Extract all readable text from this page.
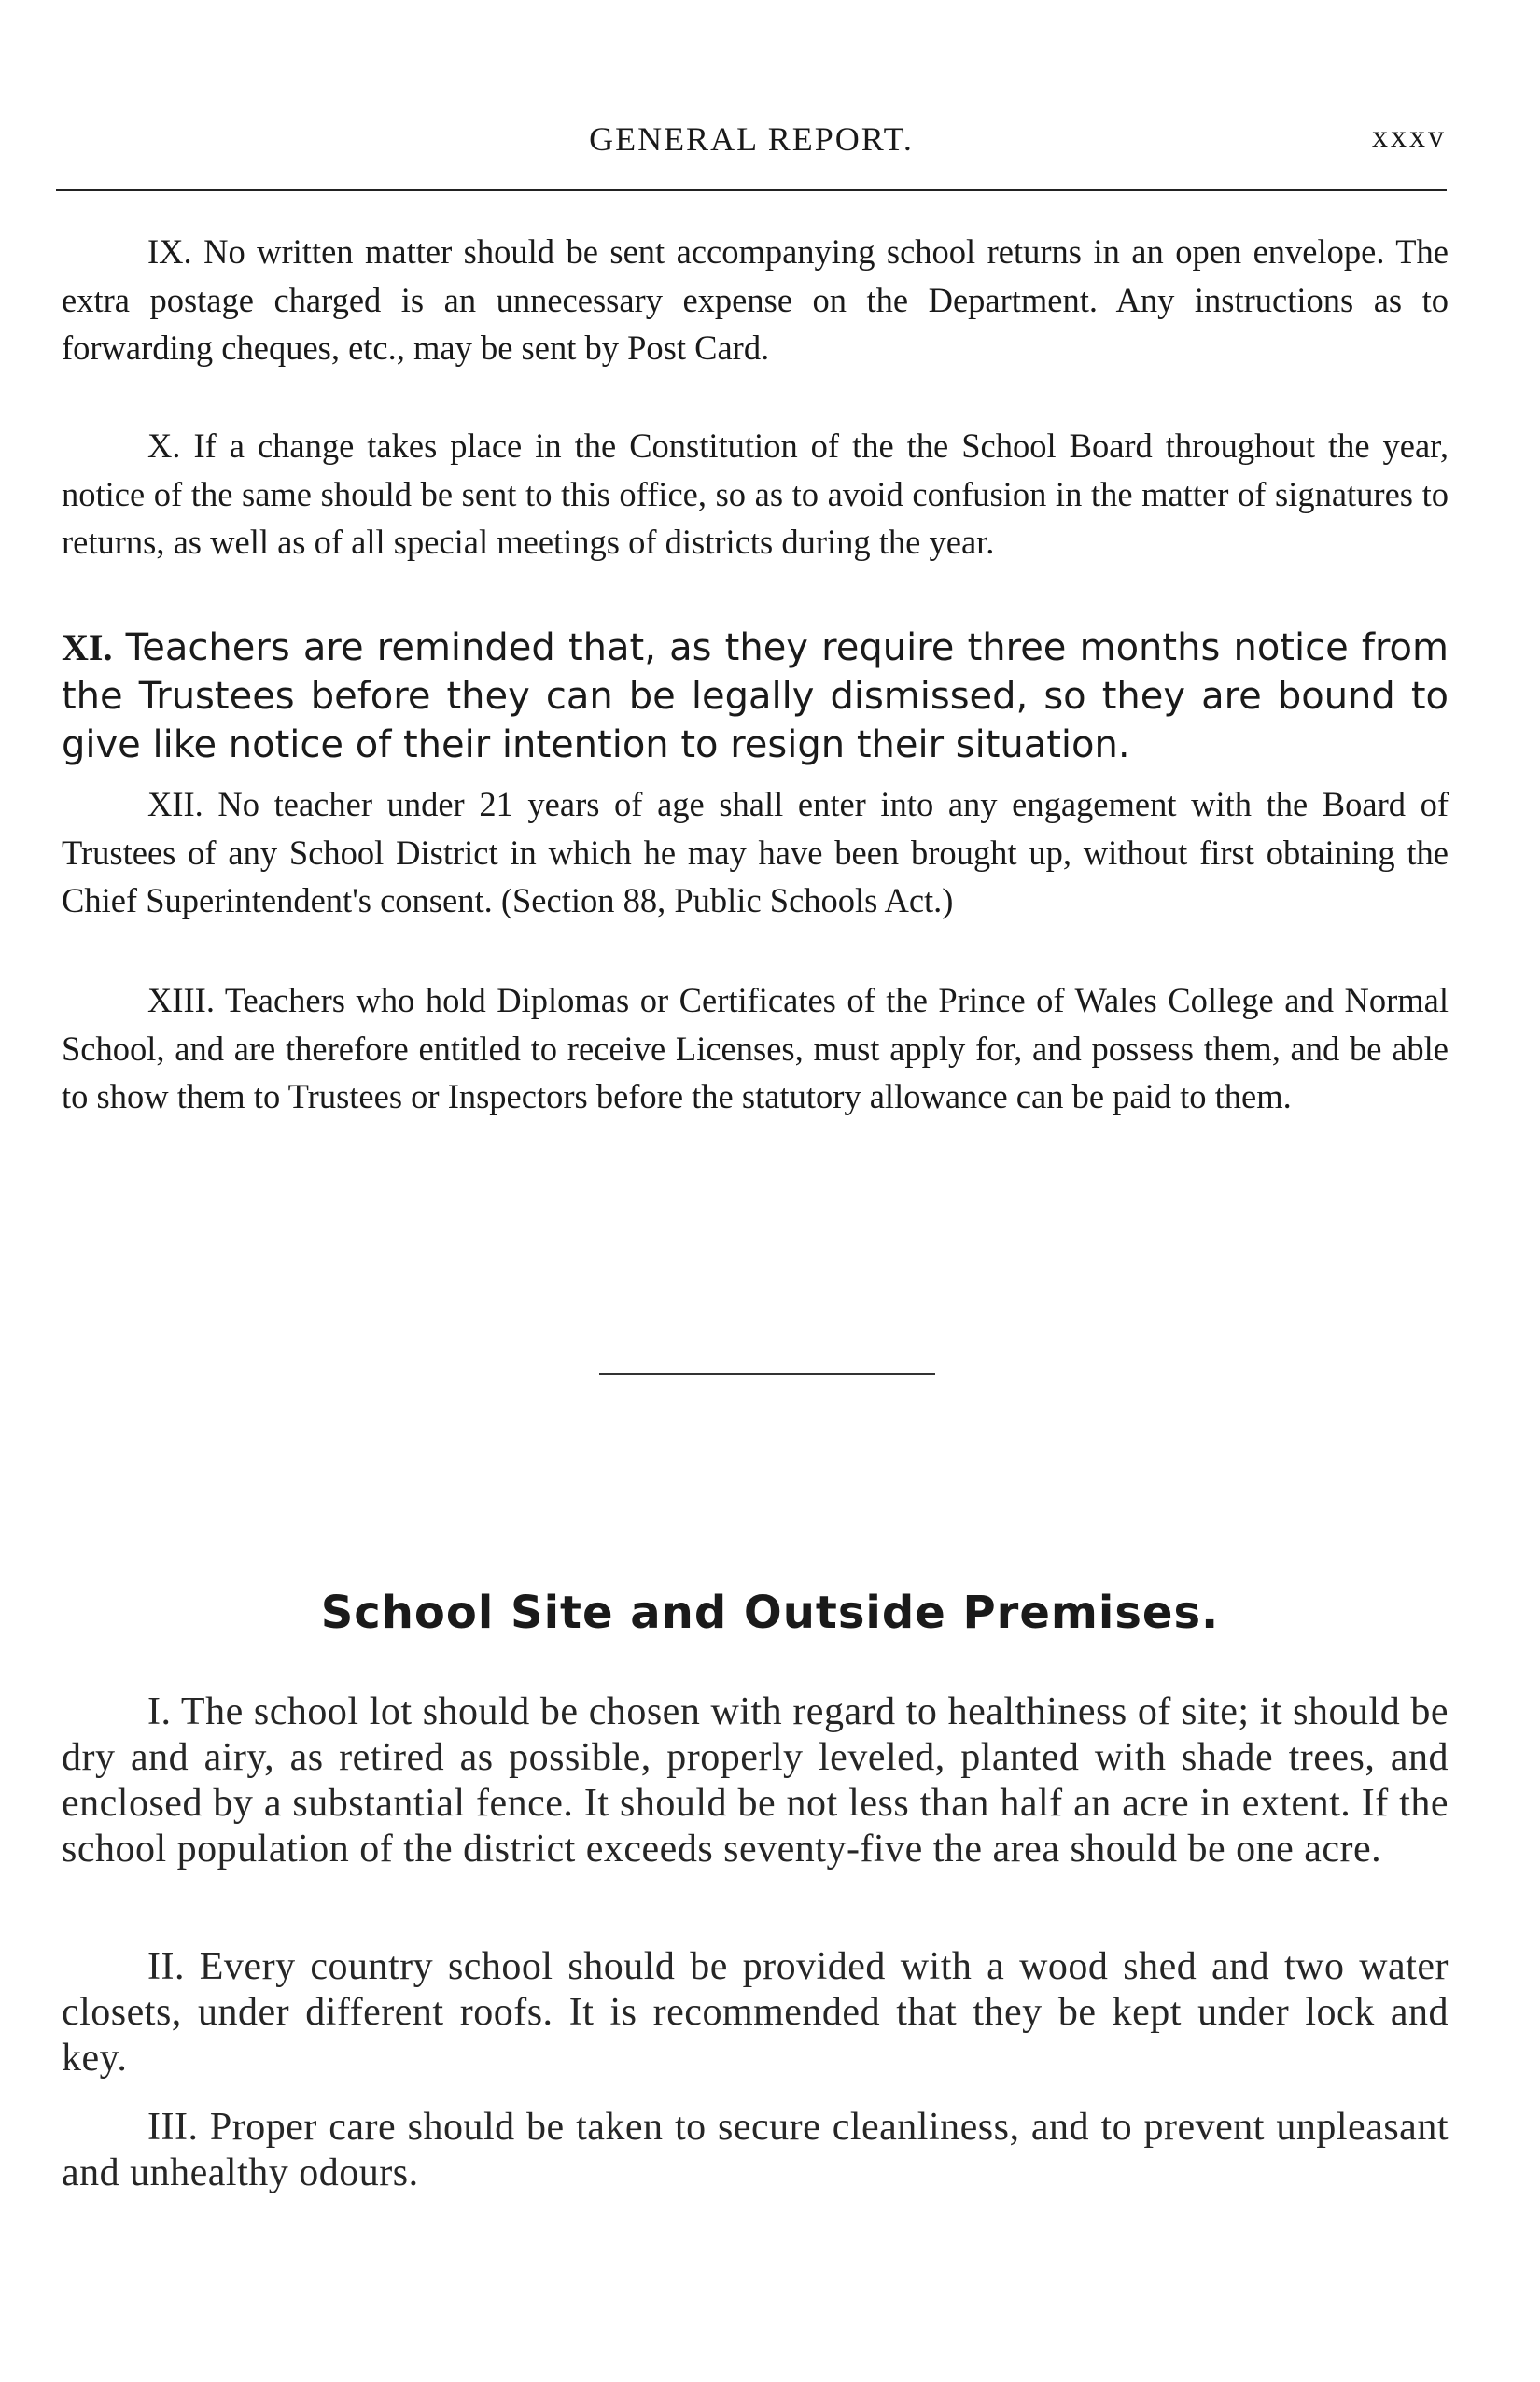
GENERAL REPORT.	xxxv

IX. No written matter should be sent accompanying school returns in an open envelope. The extra postage charged is an unnecessary expense on the Department. Any instructions as to forwarding cheques, etc., may be sent by Post Card.

X. If a change takes place in the Constitution of the the School Board throughout the year, notice of the same should be sent to this office, so as to avoid confusion in the matter of signatures to returns, as well as of all special meetings of districts during the year.

XI. Teachers are reminded that, as they require three months notice from the Trustees before they can be legally dismissed, so they are bound to give like notice of their intention to resign their situation.

XII. No teacher under 21 years of age shall enter into any engagement with the Board of Trustees of any School District in which he may have been brought up, without first obtaining the Chief Superintendent's consent. (Section 88, Public Schools Act.)

XIII. Teachers who hold Diplomas or Certificates of the Prince of Wales College and Normal School, and are therefore entitled to receive Licenses, must apply for, and possess them, and be able to show them to Trustees or Inspectors before the statutory allowance can be paid to them.

School Site and Outside Premises.

I. The school lot should be chosen with regard to healthiness of site; it should be dry and airy, as retired as possible, properly leveled, planted with shade trees, and enclosed by a substantial fence. It should be not less than half an acre in extent. If the school population of the district exceeds seventy-five the area should be one acre.

II. Every country school should be provided with a wood shed and two water closets, under different roofs. It is recommended that they be kept under lock and key.

III. Proper care should be taken to secure cleanliness, and to prevent unpleasant and unhealthy odours.
